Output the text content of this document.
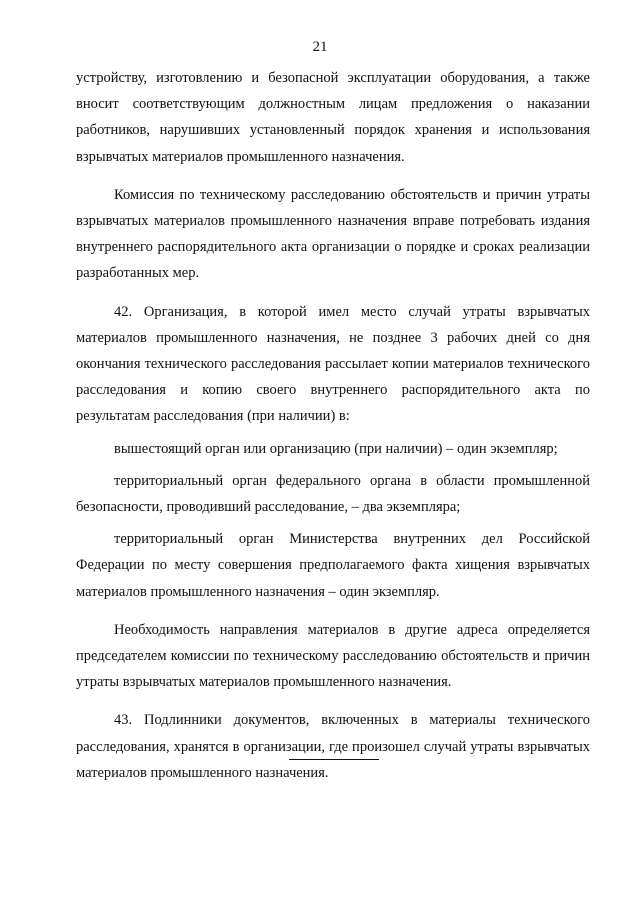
21

устройству, изготовлению и безопасной эксплуатации оборудования, а также вносит соответствующим должностным лицам предложения о наказании работников, нарушивших установленный порядок хранения и использования взрывчатых материалов промышленного назначения.

Комиссия по техническому расследованию обстоятельств и причин утраты взрывчатых материалов промышленного назначения вправе потребовать издания внутреннего распорядительного акта организации о порядке и сроках реализации разработанных мер.

42. Организация, в которой имел место случай утраты взрывчатых материалов промышленного назначения, не позднее 3 рабочих дней со дня окончания технического расследования рассылает копии материалов технического расследования и копию своего внутреннего распорядительного акта по результатам расследования (при наличии) в:

вышестоящий орган или организацию (при наличии) – один экземпляр;

территориальный орган федерального органа в области промышленной безопасности, проводивший расследование, – два экземпляра;

территориальный орган Министерства внутренних дел Российской Федерации по месту совершения предполагаемого факта хищения взрывчатых материалов промышленного назначения – один экземпляр.

Необходимость направления материалов в другие адреса определяется председателем комиссии по техническому расследованию обстоятельств и причин утраты взрывчатых материалов промышленного назначения.

43. Подлинники документов, включенных в материалы технического расследования, хранятся в организации, где произошел случай утраты взрывчатых материалов промышленного назначения.
